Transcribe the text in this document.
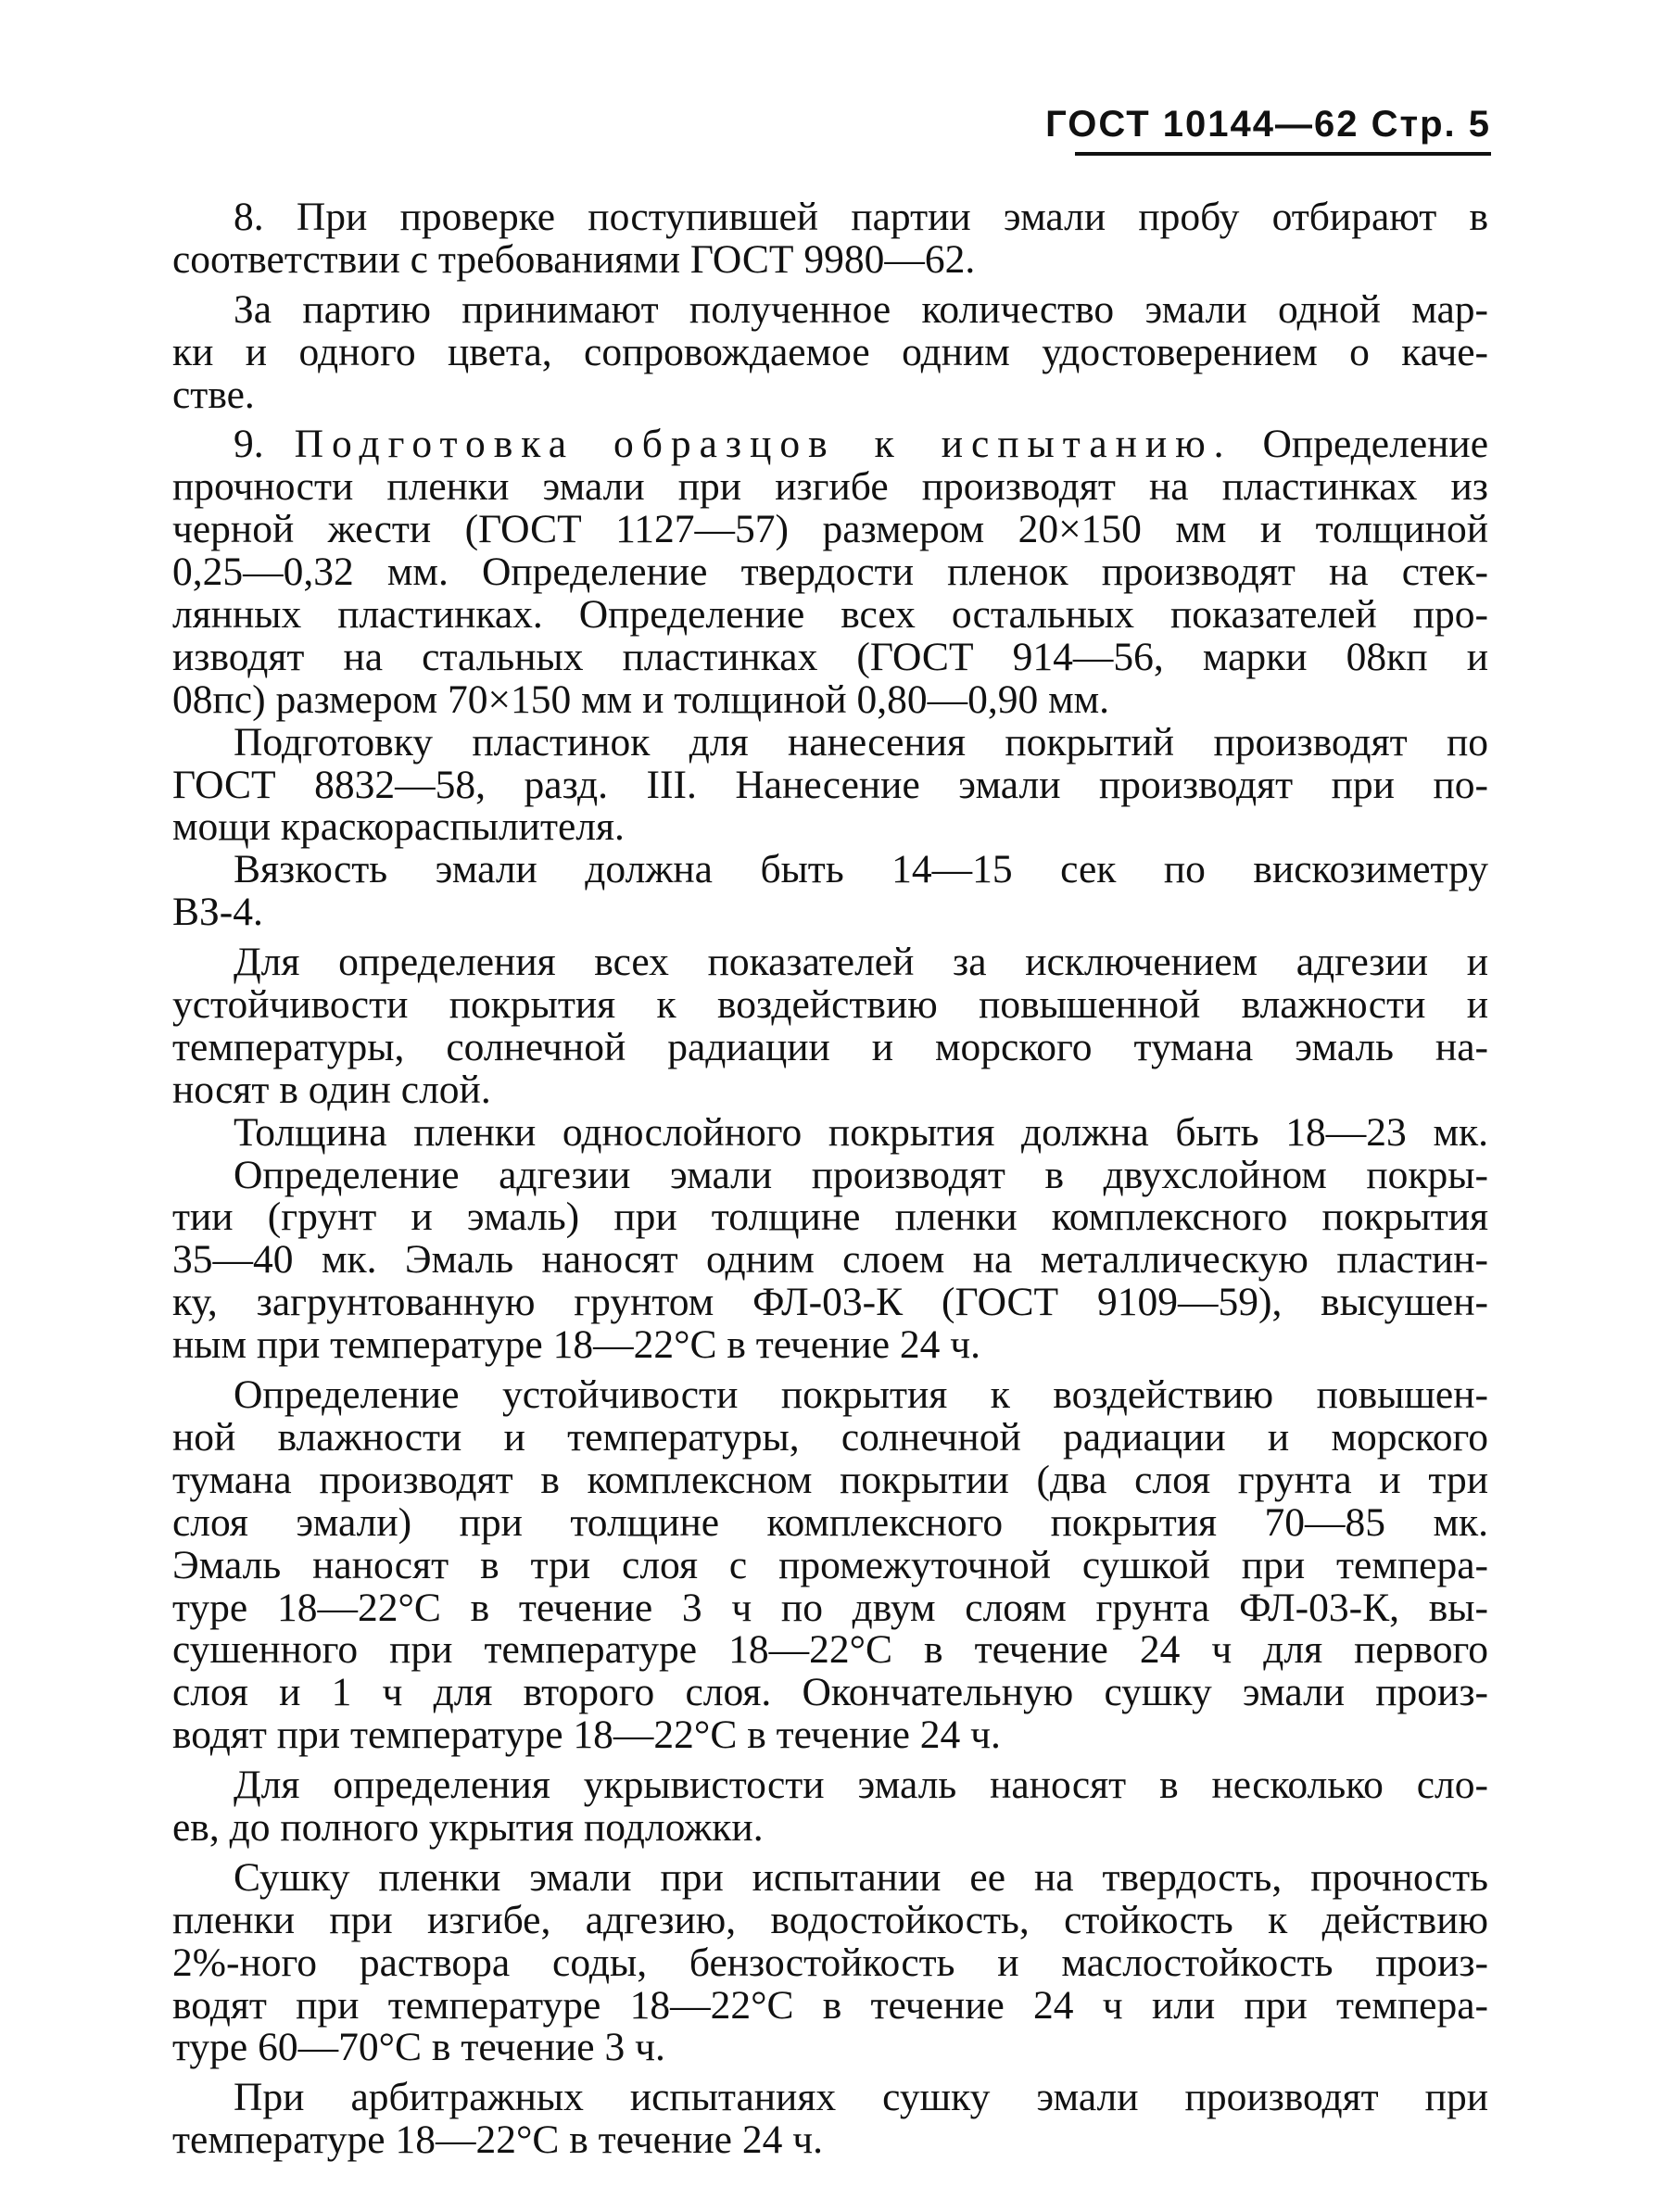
ГОСТ 10144—62 Стр. 5
8. При проверке поступившей партии эмали пробу отбирают в
соответствии с требованиями ГОСТ 9980—62.
За партию принимают полученное количество эмали одной мар-
ки и одного цвета, сопровождаемое одним удостоверением о каче-
стве.
9. Подготовка образцов к испытанию. Определение
прочности пленки эмали при изгибе производят на пластинках из
черной жести (ГОСТ 1127—57) размером 20×150 мм и толщиной
0,25—0,32 мм. Определение твердости пленок производят на стек-
лянных пластинках. Определение всех остальных показателей про-
изводят на стальных пластинках (ГОСТ 914—56, марки 08кп и
08пс) размером 70×150 мм и толщиной 0,80—0,90 мм.
Подготовку пластинок для нанесения покрытий производят по
ГОСТ 8832—58, разд. III. Нанесение эмали производят при по-
мощи краскораспылителя.
Вязкость эмали должна быть 14—15 сек по вискозиметру
ВЗ-4.
Для определения всех показателей за исключением адгезии и
устойчивости покрытия к воздействию повышенной влажности и
температуры, солнечной радиации и морского тумана эмаль на-
носят в один слой.
Толщина пленки однослойного покрытия должна быть 18—23 мк.
Определение адгезии эмали производят в двухслойном покры-
тии (грунт и эмаль) при толщине пленки комплексного покрытия
35—40 мк. Эмаль наносят одним слоем на металлическую пластин-
ку, загрунтованную грунтом ФЛ-03-К (ГОСТ 9109—59), высушен-
ным при температуре 18—22°С в течение 24 ч.
Определение устойчивости покрытия к воздействию повышен-
ной влажности и температуры, солнечной радиации и морского
тумана производят в комплексном покрытии (два слоя грунта и три
слоя эмали) при толщине комплексного покрытия 70—85 мк.
Эмаль наносят в три слоя с промежуточной сушкой при темпера-
туре 18—22°С в течение 3 ч по двум слоям грунта ФЛ-03-К, вы-
сушенного при температуре 18—22°С в течение 24 ч для первого
слоя и 1 ч для второго слоя. Окончательную сушку эмали произ-
водят при температуре 18—22°С в течение 24 ч.
Для определения укрывистости эмаль наносят в несколько сло-
ев, до полного укрытия подложки.
Сушку пленки эмали при испытании ее на твердость, прочность
пленки при изгибе, адгезию, водостойкость, стойкость к действию
2%-ного раствора соды, бензостойкость и маслостойкость произ-
водят при температуре 18—22°С в течение 24 ч или при темпера-
туре 60—70°С в течение 3 ч.
При арбитражных испытаниях сушку эмали производят при
температуре 18—22°С в течение 24 ч.
